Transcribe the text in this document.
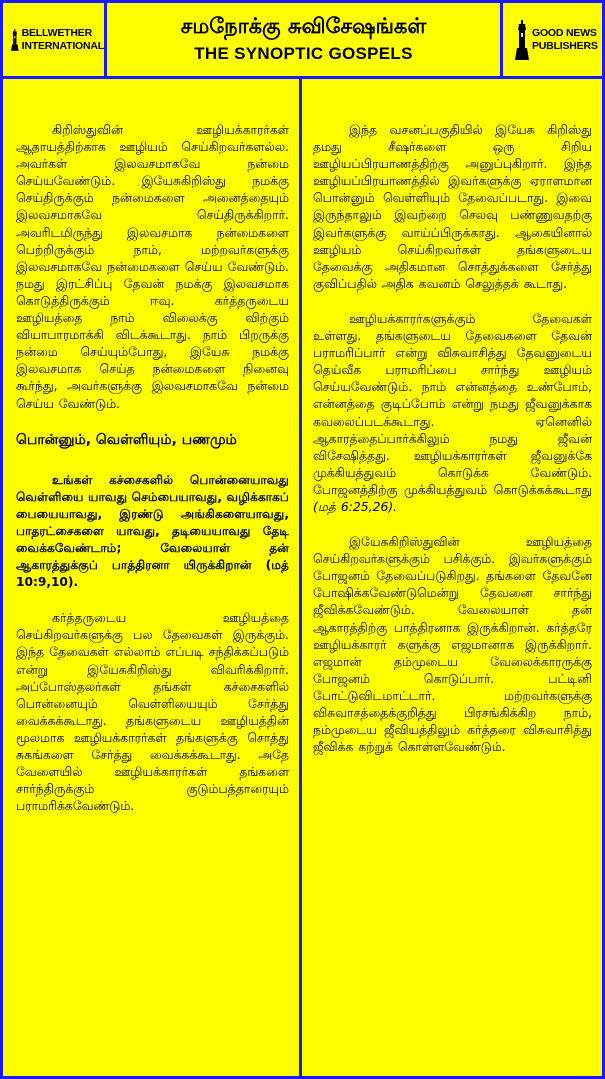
BELLWETHER
INTERNATIONAL
சமநோக்கு சுவிசேஷங்கள்
THE SYNOPTIC GOSPELS
GOOD NEWS
PUBLISHERS

கிறிஸ்துவின் ஊழியக்காரர்கள் ஆதாயத்திற்காக ஊழியம் செய்கிறவர்களல்ல. அவர்கள் இலவசமாகவே நன்மை செய்யவேண்டும். இயேசுகிறிஸ்து நமக்கு செய்திருக்கும் நன்மைகளை அனைத்தையும் இலவசமாகவே செய்திருக்கிறார். அவரிடமிருந்து இலவசமாக நன்மைகளை பெற்றிருக்கும் நாம், மற்றவர்களுக்கு இலவசமாகவே நன்மைகளை செய்ய வேண்டும். நமது இரட்சிப்பு தேவன் நமக்கு இலவசமாக கொடுத்திருக்கும் ஈவு. கர்த்தருடைய ஊழியத்தை நாம் விலைக்கு விற்கும் வியாபாரமாக்கி விடக்கூடாது. நாம் பிறருக்கு நன்மை செய்யும்போது, இயேசு நமக்கு இலவசமாக செய்த நன்மைகளை நினைவு கூர்ந்து, அவர்களுக்கு இலவசமாகவே நன்மை செய்ய வேண்டும்.

பொன்னும், வெள்ளியும், பணமும்

உங்கள் கச்சைகளில் பொன்னையாவது வெள்ளியை யாவது செம்பையாவது, வழிக்காகப் பையையாவது, இரண்டு அங்கிகளையாவது, பாதரட்சைகளை யாவது, தடியையாவது தேடி வைக்கவேண்டாம்; வேலையாள் தன் ஆகாரத்துக்குப் பாத்திரனா யிருக்கிறான் (மத் 10:9,10).

கர்த்தருடைய ஊழியத்தை செய்கிறவர்களுக்கு பல தேவைகள் இருக்கும். இந்த தேவைகள் எல்லாம் எப்படி சந்திக்கப்படும் என்று இயேசுகிறிஸ்து விவரிக்கிறார். அப்போஸ்தலர்கள் தங்கள் கச்சைகளில் பொன்னையும் வெள்ளியையும் சேர்த்து வைக்கக்கூடாது. தங்களுடைய ஊழியத்தின் மூலமாக ஊழியக்காரர்கள் தங்களுக்கு சொத்து சுகங்களை சேர்த்து வைக்கக்கூடாது. அதே வேளையில் ஊழியக்காரர்கள் தங்களை சார்ந்திருக்கும் குடும்பத்தாரையும் பராமரிக்கவேண்டும்.

இந்த வசனப்பகுதியில் இயேசு கிறிஸ்து தமது சீஷர்களை ஒரு சிறிய ஊழியப்பிரயாணத்திற்கு அனுப்புகிறார். இந்த ஊழியப்பிரயாணத்தில் இவர்களுக்கு ஏராளமான பொன்னும் வெள்ளியும் தேவைப்படாது. இவை இருந்தாலும் இவற்றை செலவு பண்ணுவதற்கு இவர்களுக்கு வாய்ப்பிருக்காது. ஆகையினால் ஊழியம் செய்கிறவர்கள் தங்களுடைய தேவைக்கு அதிகமான சொத்துக்களை சேர்த்து குவிப்பதில் அதிக கவனம் செலுத்தக் கூடாது.

ஊழியக்காரர்களுக்கும் தேவைகள் உள்ளது. தங்களுடைய தேவைகளை தேவன் பராமரிப்பார் என்று விசுவாசித்து தேவனுடைய தெய்வீக பராமரிப்பை சார்ந்து ஊழியம் செய்யவேண்டும். நாம் என்னத்தை உண்போம், என்னத்தை குடிப்போம் என்று நமது ஜீவனுக்காக கவலைப்படக்கூடாது. ஏனெனில் ஆகாரத்தைப்பார்க்கிலும் நமது ஜீவன் விசேஷித்தது. ஊழியக்காரர்கள் ஜீவனுக்கே முக்கியத்துவம் கொடுக்க வேண்டும். போஜனத்திற்கு முக்கியத்துவம் கொடுக்கக்கூடாது (மத் 6:25,26).

இயேசுகிறிஸ்துவின் ஊழியத்தை செய்கிறவர்களுக்கும் பசிக்கும். இவர்களுக்கும் போஜனம் தேவைப்படுகிறது. தங்களை தேவனே போஷிக்கவேண்டுமென்று தேவனை சார்ந்து ஜீவிக்கவேண்டும். வேலையாள் தன் ஆகாரத்திற்கு பாத்திரனாக இருக்கிறான். கர்த்தரே ஊழியக்காரர் களுக்கு எஜமானாக இருக்கிறார். எஜமான் தம்முடைய வேலைக்காரருக்கு போஜனம் கொடுப்பார். பட்டினி போட்டுவிடமாட்டார். மற்றவர்களுக்கு விசுவாசத்தைக்குறித்து பிரசங்கிக்கிற நாம், நம்முடைய ஜீவியத்திலும் கர்த்தரை விசுவாசித்து ஜீவிக்க கற்றுக் கொள்ளவேண்டும்.
